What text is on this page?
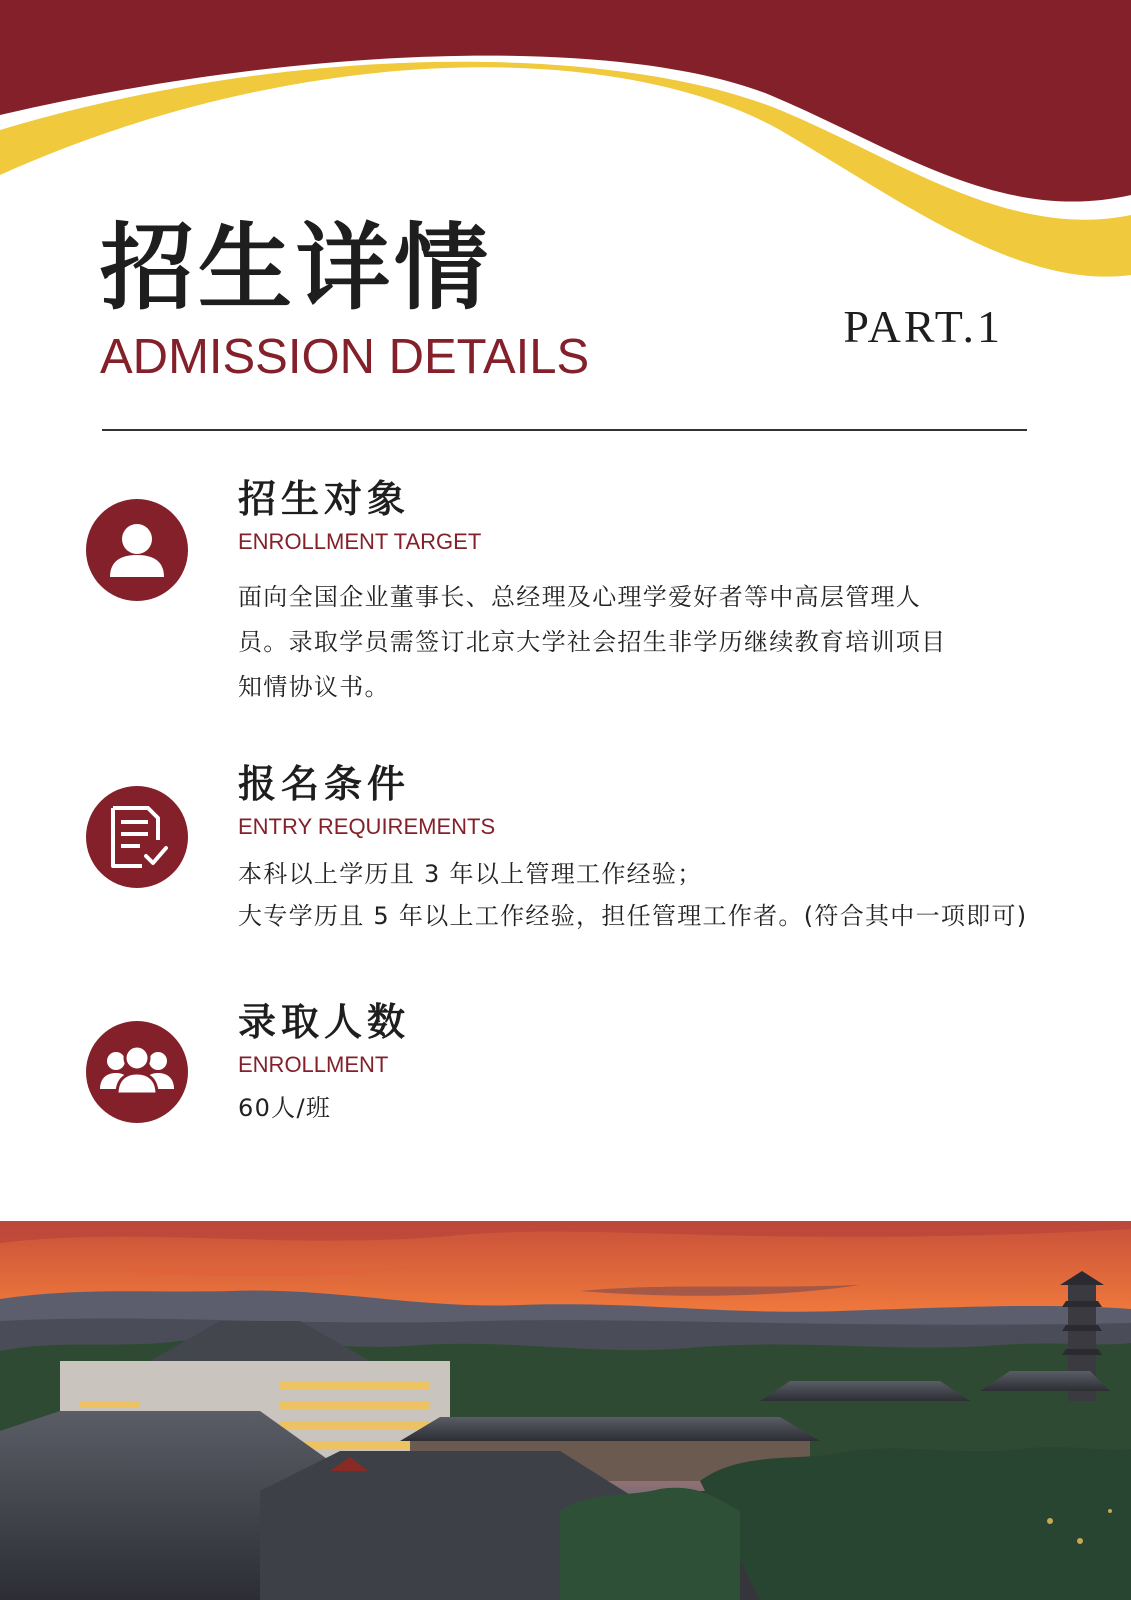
招生详情
ADMISSION DETAILS
PART.1
招生对象
ENROLLMENT TARGET

面向全国企业董事长、总经理及心理学爱好者等中高层管理人

员。录取学员需签订北京大学社会招生非学历继续教育培训项目

知情协议书。

报名条件
ENTRY REQUIREMENTS

本科以上学历且 3 年以上管理工作经验；

大专学历且 5 年以上工作经验，担任管理工作者。(符合其中一项即可)

录取人数
ENROLLMENT

60人/班
